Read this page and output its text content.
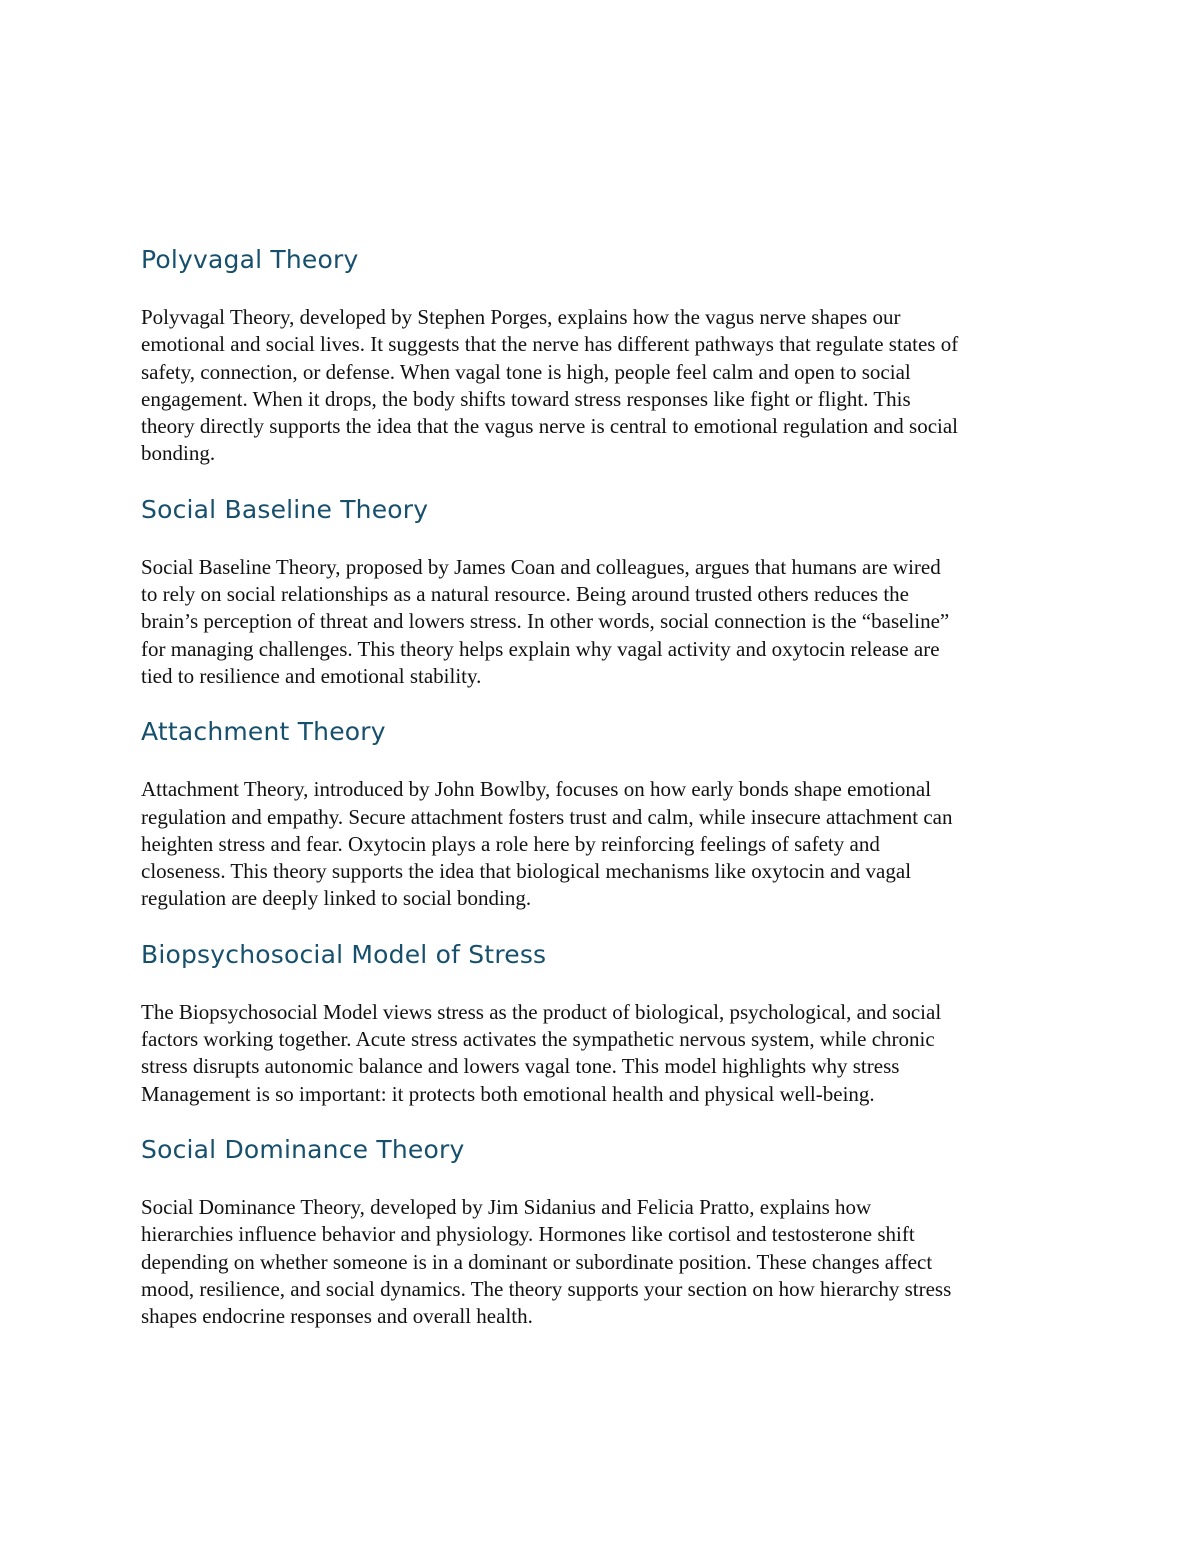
Polyvagal Theory

Polyvagal Theory, developed by Stephen Porges, explains how the vagus nerve shapes our
emotional and social lives. It suggests that the nerve has different pathways that regulate states of
safety, connection, or defense. When vagal tone is high, people feel calm and open to social
engagement. When it drops, the body shifts toward stress responses like fight or flight. This
theory directly supports the idea that the vagus nerve is central to emotional regulation and social
bonding.

Social Baseline Theory

Social Baseline Theory, proposed by James Coan and colleagues, argues that humans are wired
to rely on social relationships as a natural resource. Being around trusted others reduces the
brain’s perception of threat and lowers stress. In other words, social connection is the “baseline”
for managing challenges. This theory helps explain why vagal activity and oxytocin release are
tied to resilience and emotional stability.

Attachment Theory

Attachment Theory, introduced by John Bowlby, focuses on how early bonds shape emotional
regulation and empathy. Secure attachment fosters trust and calm, while insecure attachment can
heighten stress and fear. Oxytocin plays a role here by reinforcing feelings of safety and
closeness. This theory supports the idea that biological mechanisms like oxytocin and vagal
regulation are deeply linked to social bonding.

Biopsychosocial Model of Stress

The Biopsychosocial Model views stress as the product of biological, psychological, and social
factors working together. Acute stress activates the sympathetic nervous system, while chronic
stress disrupts autonomic balance and lowers vagal tone. This model highlights why stress
Management is so important: it protects both emotional health and physical well-being.

Social Dominance Theory

Social Dominance Theory, developed by Jim Sidanius and Felicia Pratto, explains how
hierarchies influence behavior and physiology. Hormones like cortisol and testosterone shift
depending on whether someone is in a dominant or subordinate position. These changes affect
mood, resilience, and social dynamics. The theory supports your section on how hierarchy stress
shapes endocrine responses and overall health.
